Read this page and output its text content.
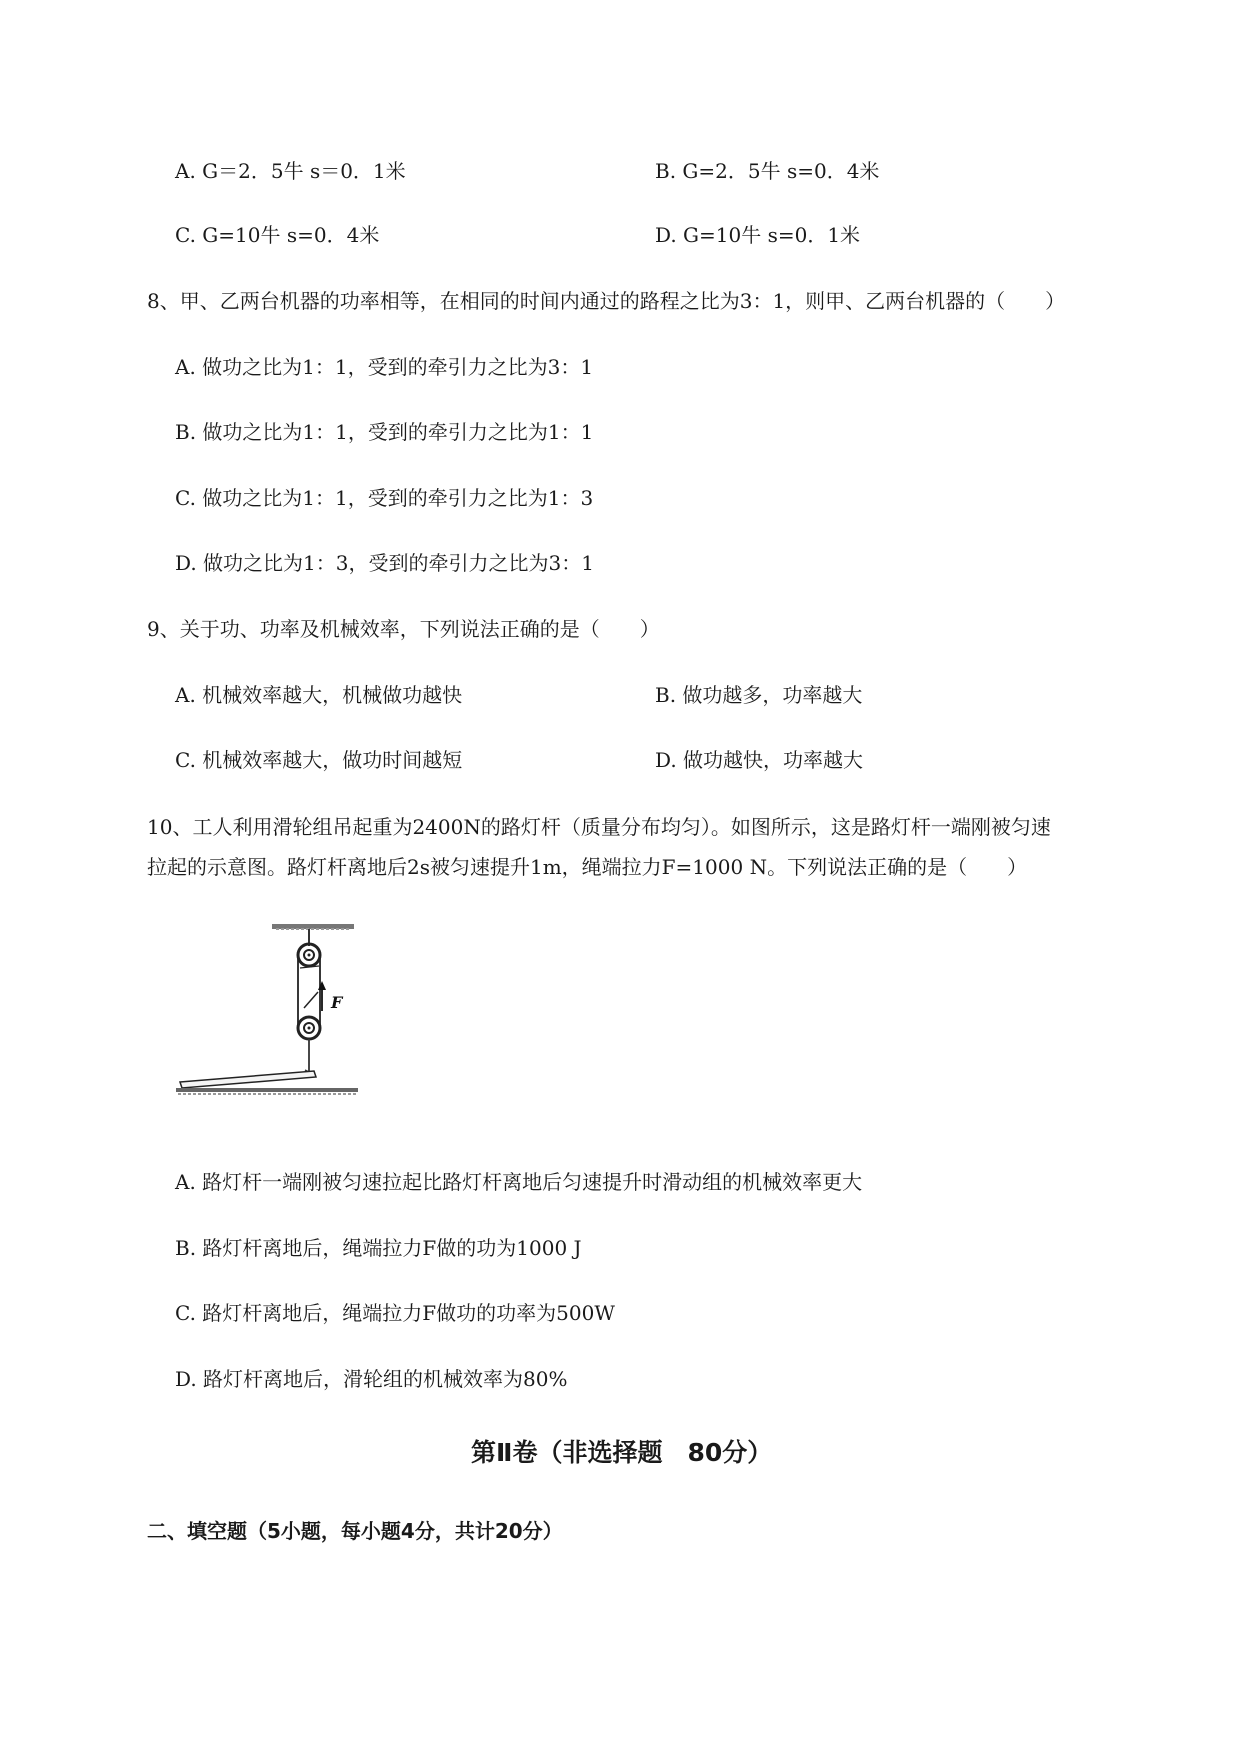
A. G＝2．5牛 s＝0．1米	B. G=2．5牛 s=0．4米
C. G=10牛 s=0．4米	D. G=10牛 s=0．1米
8、甲、乙两台机器的功率相等，在相同的时间内通过的路程之比为3：1，则甲、乙两台机器的（　　）
A. 做功之比为1：1，受到的牵引力之比为3：1
B. 做功之比为1：1，受到的牵引力之比为1：1
C. 做功之比为1：1，受到的牵引力之比为1：3
D. 做功之比为1：3，受到的牵引力之比为3：1
9、关于功、功率及机械效率，下列说法正确的是（　　）
A. 机械效率越大，机械做功越快	B. 做功越多，功率越大
C. 机械效率越大，做功时间越短	D. 做功越快，功率越大
10、工人利用滑轮组吊起重为2400N的路灯杆（质量分布均匀）。如图所示，这是路灯杆一端刚被匀速
拉起的示意图。路灯杆离地后2s被匀速提升1m，绳端拉力F=1000 N。下列说法正确的是（　　）
F
A. 路灯杆一端刚被匀速拉起比路灯杆离地后匀速提升时滑动组的机械效率更大
B. 路灯杆离地后，绳端拉力F做的功为1000 J
C. 路灯杆离地后，绳端拉力F做功的功率为500W
D. 路灯杆离地后，滑轮组的机械效率为80%
第Ⅱ卷（非选择题　80分）
二、填空题（5小题，每小题4分，共计20分）
